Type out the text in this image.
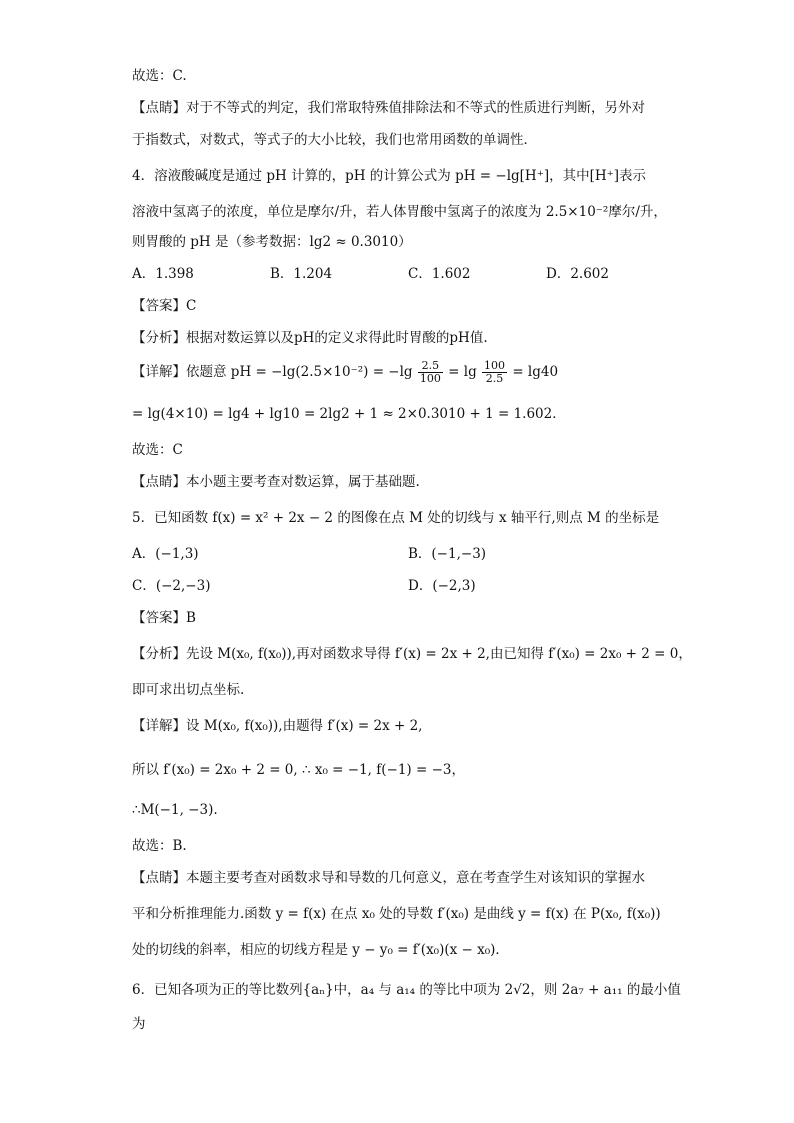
故选：C.
【点睛】对于不等式的判定，我们常取特殊值排除法和不等式的性质进行判断，另外对
于指数式，对数式，等式子的大小比较，我们也常用函数的单调性．
4．溶液酸碱度是通过 pH 计算的，pH 的计算公式为 pH = −lg[H⁺]，其中[H⁺]表示
溶液中氢离子的浓度，单位是摩尔/升，若人体胃酸中氢离子的浓度为 2.5×10⁻²摩尔/升，
则胃酸的 pH 是（参考数据：lg2 ≈ 0.3010）
A．1.398	B．1.204	C．1.602	D．2.602
【答案】C
【分析】根据对数运算以及pH的定义求得此时胃酸的pH值.
【详解】依题意 pH = $-\lg(2.5\times 10^{-2}) = -\lg \frac{2.5}{100} = \lg \frac{100}{2.5} = \lg 40$
= lg(4×10) = lg4 + lg10 = 2lg2 + 1 ≈ 2×0.3010 + 1 = 1.602．
故选：C
【点睛】本小题主要考查对数运算，属于基础题.
5．已知函数 f(x) = x² + 2x − 2 的图像在点 M 处的切线与 x 轴平行,则点 M 的坐标是
A．(−1,3)	B．(−1,−3)
C．(−2,−3)	D．(−2,3)
【答案】B
【分析】先设 M(x₀, f(x₀)),再对函数求导得 f′(x) = 2x + 2,由已知得 f′(x₀) = 2x₀ + 2 = 0，
即可求出切点坐标.
【详解】设 M(x₀, f(x₀)),由题得 f′(x) = 2x + 2,
所以 f′(x₀) = 2x₀ + 2 = 0, ∴ x₀ = −1, f(−1) = −3，
∴M(−1, −3).
故选：B.
【点睛】本题主要考查对函数求导和导数的几何意义，意在考查学生对该知识的掌握水
平和分析推理能力.函数 y = f(x) 在点 x₀ 处的导数 f′(x₀) 是曲线 y = f(x) 在 P(x₀, f(x₀))
处的切线的斜率，相应的切线方程是 y − y₀ = f′(x₀)(x − x₀)．
6．已知各项为正的等比数列{aₙ}中，a₄ 与 a₁₄ 的等比中项为 2√2，则 2a₇ + a₁₁ 的最小值
为
